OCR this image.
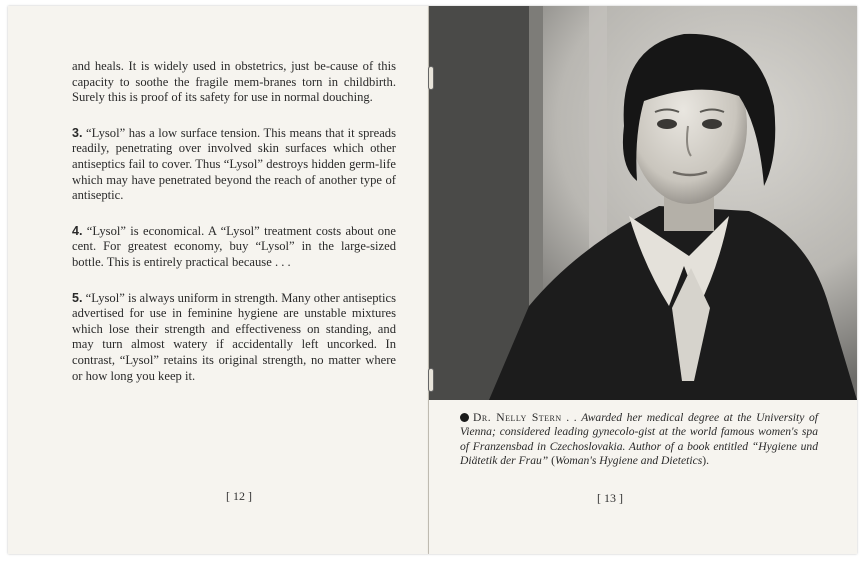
and heals. It is widely used in obstetrics, just be-cause of this capacity to soothe the fragile mem-branes torn in childbirth. Surely this is proof of its safety for use in normal douching.

3. “Lysol” has a low surface tension. This means that it spreads readily, penetrating over involved skin surfaces which other antiseptics fail to cover. Thus “Lysol” destroys hidden germ-life which may have penetrated beyond the reach of another type of antiseptic.

4. “Lysol” is economical. A “Lysol” treatment costs about one cent. For greatest economy, buy “Lysol” in the large-sized bottle. This is entirely practical because . . .

5. “Lysol” is always uniform in strength. Many other antiseptics advertised for use in feminine hygiene are unstable mixtures which lose their strength and effectiveness on standing, and may turn almost watery if accidentally left uncorked. In contrast, “Lysol” retains its original strength, no matter where or how long you keep it.

[ 12 ]
Dr. Nelly Stern . . Awarded her medical degree at the University of Vienna; considered leading gynecolo-gist at the world famous women's spa of Franzensbad in Czechoslovakia. Author of a book entitled “Hygiene und Diätetik der Frau” (Woman's Hygiene and Dietetics).
[ 13 ]
